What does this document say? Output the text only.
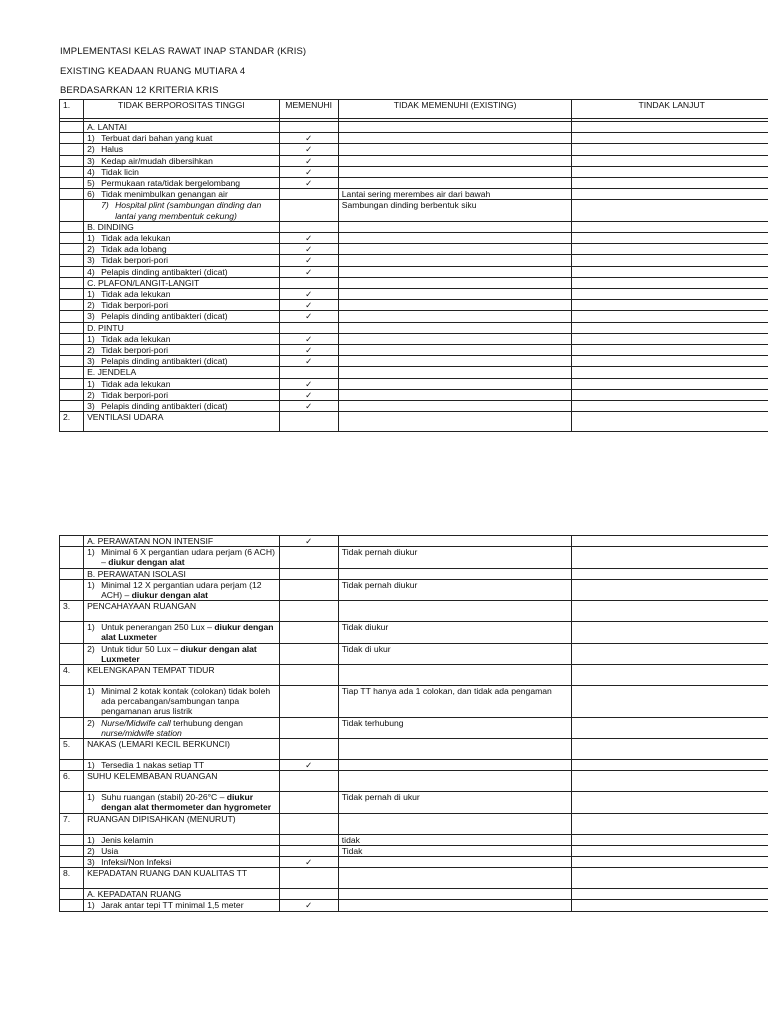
IMPLEMENTASI KELAS RAWAT INAP STANDAR (KRIS)
EXISTING KEADAAN RUANG MUTIARA 4
BERDASARKAN 12 KRITERIA KRIS
1.	TIDAK BERPOROSITAS TINGGI	MEMENUHI	TIDAK MEMENUHI (EXISTING)	TINDAK LANJUT

	A. LANTAI			
	1) Terbuat dari bahan yang kuat	✓		
	2) Halus	✓		
	3) Kedap air/mudah dibersihkan	✓		
	4) Tidak licin	✓		
	5) Permukaan rata/tidak bergelombang	✓		
	6) Tidak menimbulkan genangan air		Lantai sering merembes air dari bawah	

	7) Hospital plint (sambungan dinding dan lantai yang membentuk cekung)		Sambungan dinding berbentuk siku	
	B. DINDING			
	1) Tidak ada lekukan	✓		
	2) Tidak ada lobang	✓		
	3) Tidak berpori-pori	✓		
	4) Pelapis dinding antibakteri (dicat)	✓		
	C. PLAFON/LANGIT-LANGIT			
	1) Tidak ada lekukan	✓		
	2) Tidak berpori-pori	✓		
	3) Pelapis dinding antibakteri (dicat)	✓		
	D. PINTU			
	1) Tidak ada lekukan	✓		
	2) Tidak berpori-pori	✓		
	3) Pelapis dinding antibakteri (dicat)	✓		
	E. JENDELA			
	1) Tidak ada lekukan	✓		
	2) Tidak berpori-pori	✓		
	3) Pelapis dinding antibakteri (dicat)	✓		
2.	VENTILASI UDARA			
	A. PERAWATAN NON INTENSIF	✓		

	1) Minimal 6 X pergantian udara perjam (6 ACH) – diukur dengan alat		Tidak pernah diukur	
	B. PERAWATAN ISOLASI			

	1) Minimal 12 X pergantian udara perjam (12 ACH) – diukur dengan alat		Tidak pernah diukur	
3.	PENCAHAYAAN RUANGAN			

	1) Untuk penerangan 250 Lux – diukur dengan alat Luxmeter		Tidak diukur	

	2) Untuk tidur 50 Lux – diukur dengan alat Luxmeter		Tidak di ukur	
4.	KELENGKAPAN TEMPAT TIDUR			

	1) Minimal 2 kotak kontak (colokan) tidak boleh ada percabangan/sambungan tanpa pengamanan arus listrik		Tiap TT hanya ada 1 colokan, dan tidak ada pengaman	

	2) Nurse/Midwife call terhubung dengan nurse/midwife station		Tidak terhubung	
5.	NAKAS (LEMARI KECIL BERKUNCI)			
	1) Tersedia 1 nakas setiap TT	✓		
6.	SUHU KELEMBABAN RUANGAN			

	1) Suhu ruangan (stabil) 20-26°C – diukur dengan alat thermometer dan hygrometer		Tidak pernah di ukur	
7.	RUANGAN DIPISAHKAN (MENURUT)			
	1) Jenis kelamin		tidak	
	2) Usia		Tidak	
	3) Infeksi/Non Infeksi	✓		
8.	KEPADATAN RUANG DAN KUALITAS TT			
	A. KEPADATAN RUANG			
	1) Jarak antar tepi TT minimal 1,5 meter	✓		
